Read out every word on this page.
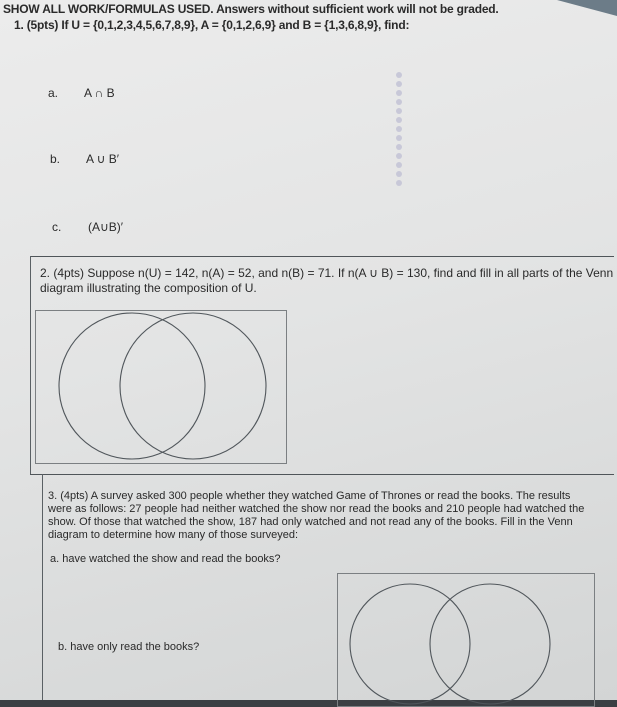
SHOW ALL WORK/FORMULAS USED. Answers without sufficient work will not be graded.
1. (5pts) If U = {0,1,2,3,4,5,6,7,8,9}, A = {0,1,2,6,9} and B = {1,3,6,8,9}, find:
a. A ∩ B
b. A ∪ B′
c. (A∪B)′
2. (4pts) Suppose n(U) = 142, n(A) = 52, and n(B) = 71. If n(A ∪ B) = 130, find and fill in all parts of the Venn diagram illustrating the composition of U.
3. (4pts) A survey asked 300 people whether they watched Game of Thrones or read the books. The results were as follows: 27 people had neither watched the show nor read the books and 210 people had watched the show. Of those that watched the show, 187 had only watched and not read any of the books. Fill in the Venn diagram to determine how many of those surveyed:
a. have watched the show and read the books?
b. have only read the books?
